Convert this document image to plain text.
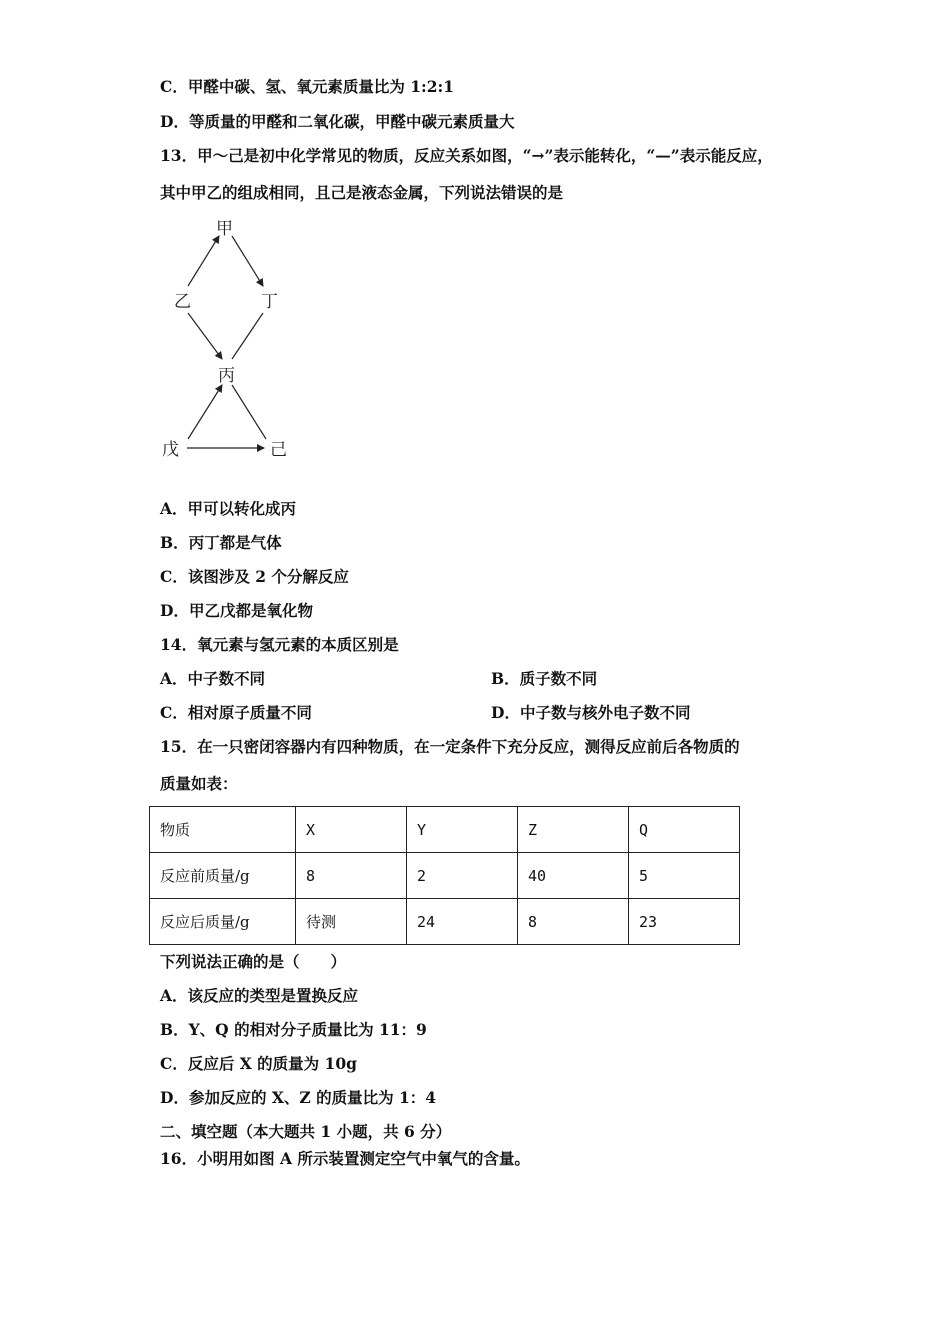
C．甲醛中碳、氢、氧元素质量比为 1:2:1
D．等质量的甲醛和二氧化碳，甲醛中碳元素质量大
13．甲～己是初中化学常见的物质，反应关系如图，“→”表示能转化，“—”表示能反应，
其中甲乙的组成相同，且己是液态金属，下列说法错误的是
甲
乙	丁
丙
戊	己
A．甲可以转化成丙
B．丙丁都是气体
C．该图涉及 2 个分解反应
D．甲乙戊都是氧化物
14．氧元素与氢元素的本质区别是
A．中子数不同	B．质子数不同
C．相对原子质量不同	D．中子数与核外电子数不同
15．在一只密闭容器内有四种物质，在一定条件下充分反应，测得反应前后各物质的
质量如表：
物质	X	Y	Z	Q
反应前质量/g	8	2	40	5
反应后质量/g	待测	24	8	23
下列说法正确的是（　　）
A．该反应的类型是置换反应
B．Y、Q 的相对分子质量比为 11：9
C．反应后 X 的质量为 10g
D．参加反应的 X、Z 的质量比为 1：4
二、填空题（本大题共 1 小题，共 6 分）
16．小明用如图 A 所示装置测定空气中氧气的含量。
